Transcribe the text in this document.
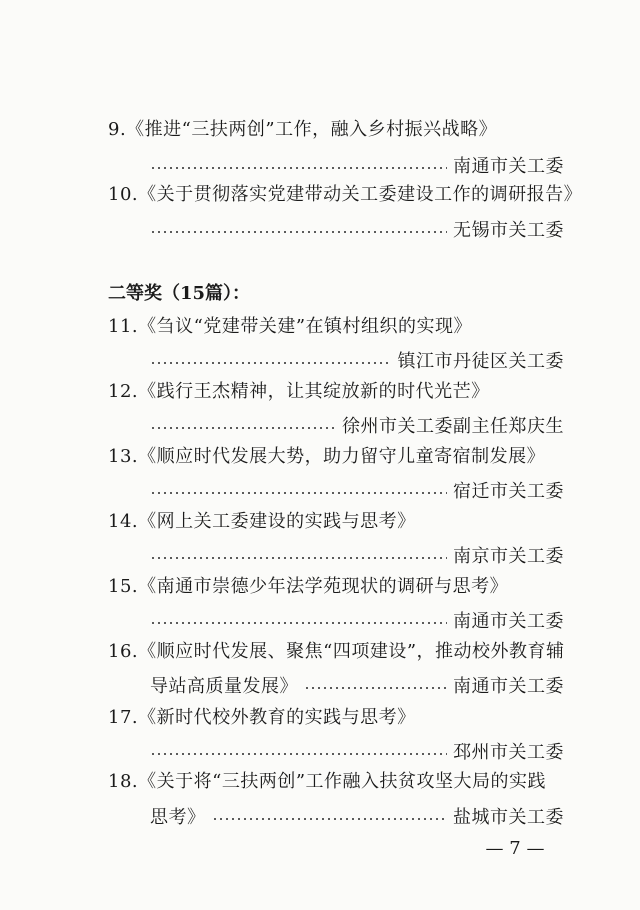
9.《推进“三扶两创”工作，融入乡村振兴战略》
南通市关工委
10.《关于贯彻落实党建带动关工委建设工作的调研报告》
无锡市关工委
二等奖（15篇）：
11.《刍议“党建带关建”在镇村组织的实现》
镇江市丹徒区关工委
12.《践行王杰精神，让其绽放新的时代光芒》
徐州市关工委副主任郑庆生
13.《顺应时代发展大势，助力留守儿童寄宿制发展》
宿迁市关工委
14.《网上关工委建设的实践与思考》
南京市关工委
15.《南通市崇德少年法学苑现状的调研与思考》
南通市关工委
16.《顺应时代发展、聚焦“四项建设”，推动校外教育辅
导站高质量发展》	南通市关工委
17.《新时代校外教育的实践与思考》
邳州市关工委
18.《关于将“三扶两创”工作融入扶贫攻坚大局的实践
思考》	盐城市关工委
— 7 —
